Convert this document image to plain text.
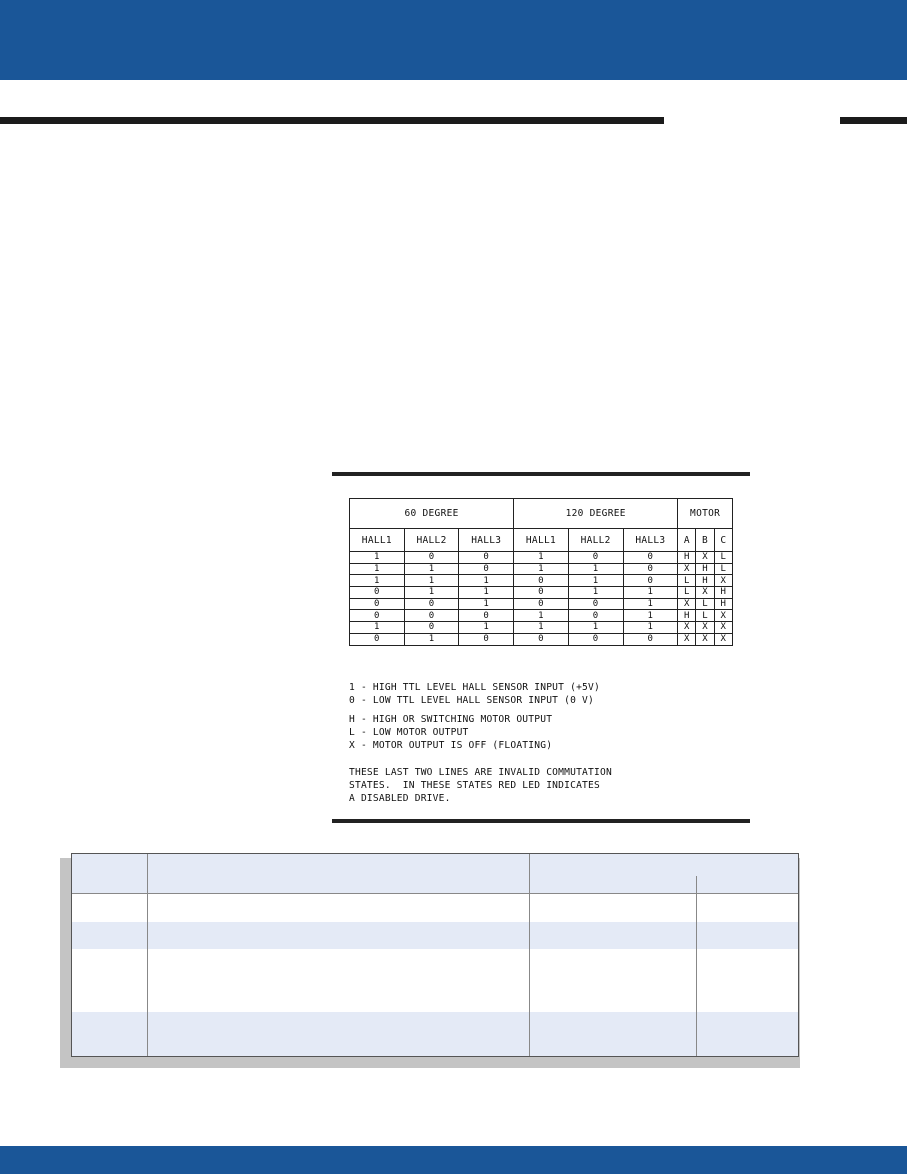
60 DEGREE			120 DEGREE			MOTOR		
HALL1	HALL2	HALL3	HALL1	HALL2	HALL3	A	B	C
1	0	0	1	0	0	H	X	L
1	1	0	1	1	0	X	H	L
1	1	1	0	1	0	L	H	X
0	1	1	0	1	1	L	X	H
0	0	1	0	0	1	X	L	H
0	0	0	1	0	1	H	L	X
1	0	1	1	1	1	X	X	X
0	1	0	0	0	0	X	X	X
1 - HIGH TTL LEVEL HALL SENSOR INPUT (+5V)
0 - LOW TTL LEVEL HALL SENSOR INPUT (0 V)
H - HIGH OR SWITCHING MOTOR OUTPUT
L - LOW MOTOR OUTPUT
X - MOTOR OUTPUT IS OFF (FLOATING)
THESE LAST TWO LINES ARE INVALID COMMUTATION
STATES.  IN THESE STATES RED LED INDICATES
A DISABLED DRIVE.
